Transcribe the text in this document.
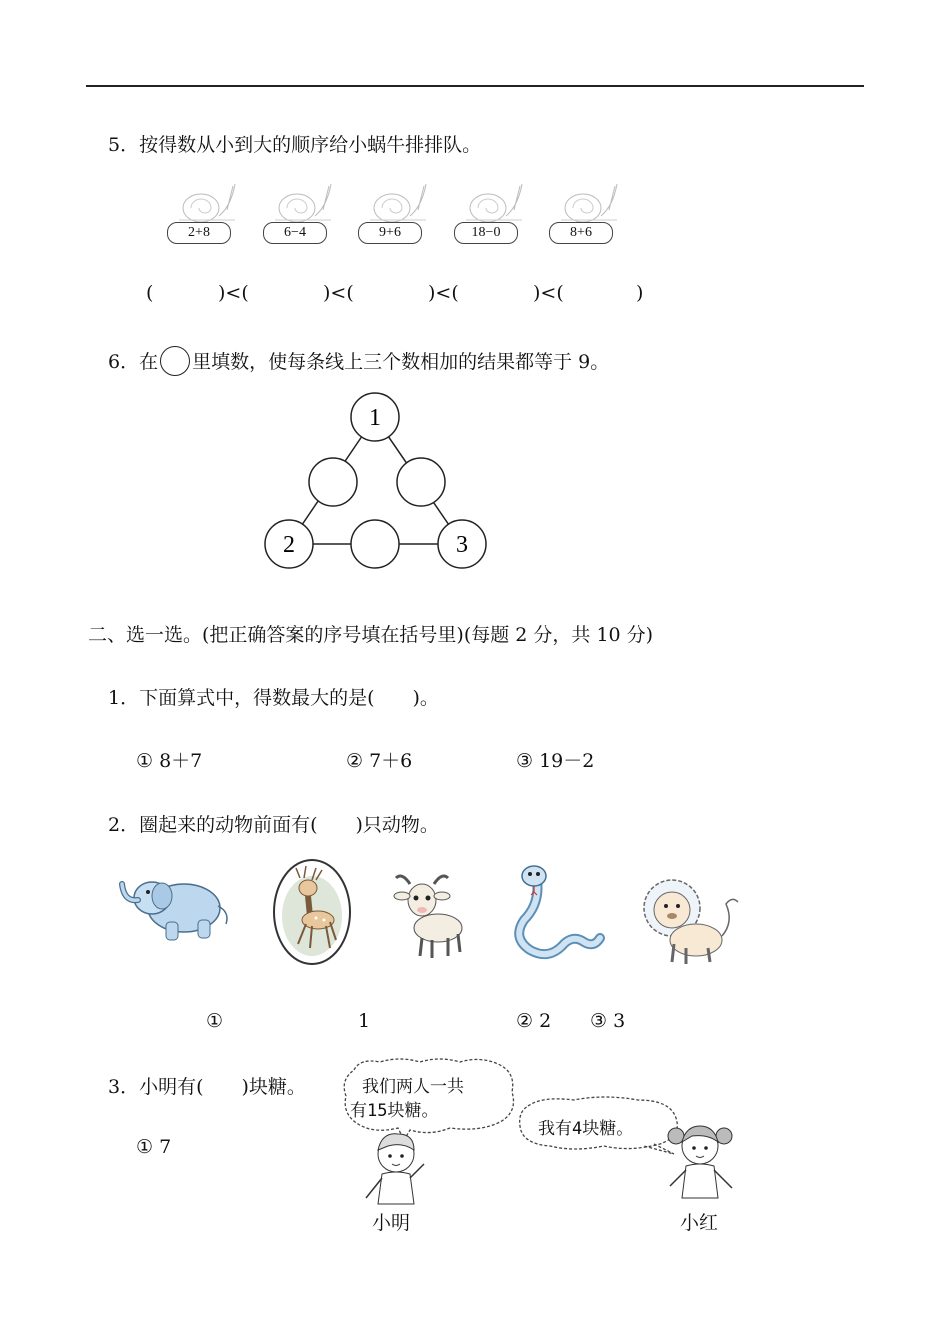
5．按得数从小到大的顺序给小蜗牛排排队。
2+8	6−4	9+6	18−0	8+6
(	)<(	)<(	)<(	)<(	)
6．在 里填数，使每条线上三个数相加的结果都等于 9。
1
2	3
二、选一选。(把正确答案的序号填在括号里)(每题 2 分，共 10 分)
1．下面算式中，得数最大的是(　　)。
① 8＋7	② 7＋6	③ 19－2
2．圈起来的动物前面有(　　)只动物。
①	1	② 2 ③ 3
3．小明有(　　)块糖。
① 7
我们两人一共
有15块糖。
我有4块糖。
小明	小红
